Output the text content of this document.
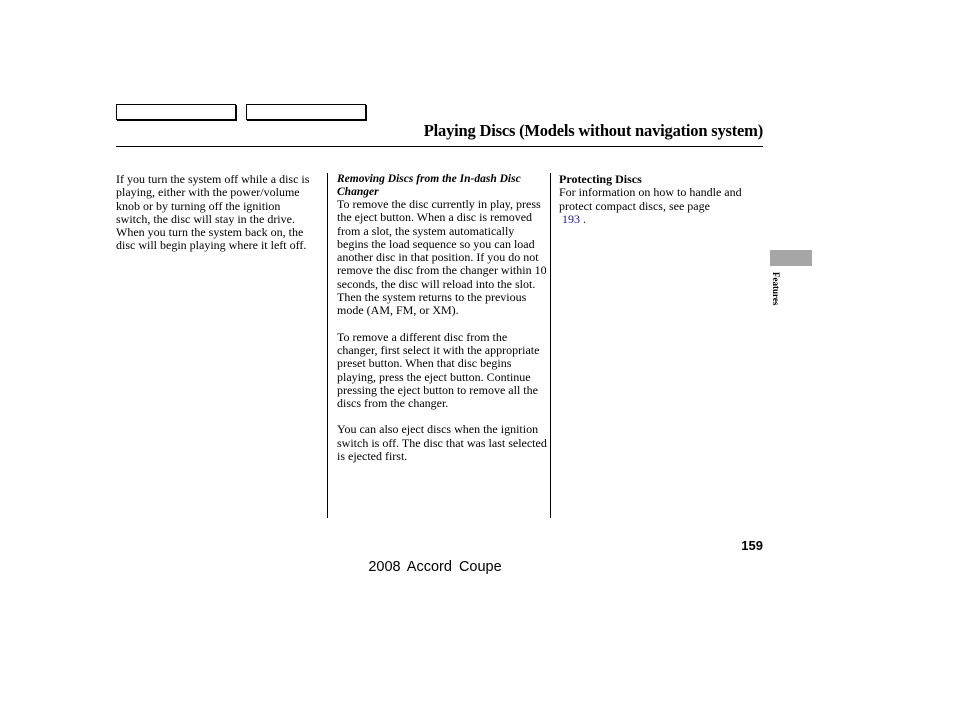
Playing Discs (Models without navigation system)

If you turn the system off while a disc is playing, either with the power/volume knob or by turning off the ignition switch, the disc will stay in the drive. When you turn the system back on, the disc will begin playing where it left off.

Removing Discs from the In-dash Disc Changer

To remove the disc currently in play, press the eject button. When a disc is removed from a slot, the system automatically begins the load sequence so you can load another disc in that position. If you do not remove the disc from the changer within 10 seconds, the disc will reload into the slot. Then the system returns to the previous mode (AM, FM, or XM).

To remove a different disc from the changer, first select it with the appropriate preset button. When that disc begins playing, press the eject button. Continue pressing the eject button to remove all the discs from the changer.

You can also eject discs when the ignition switch is off. The disc that was last selected is ejected first.

Protecting Discs

For information on how to handle and protect compact discs, see page
193 .

Features
159
2008 Accord Coupe
